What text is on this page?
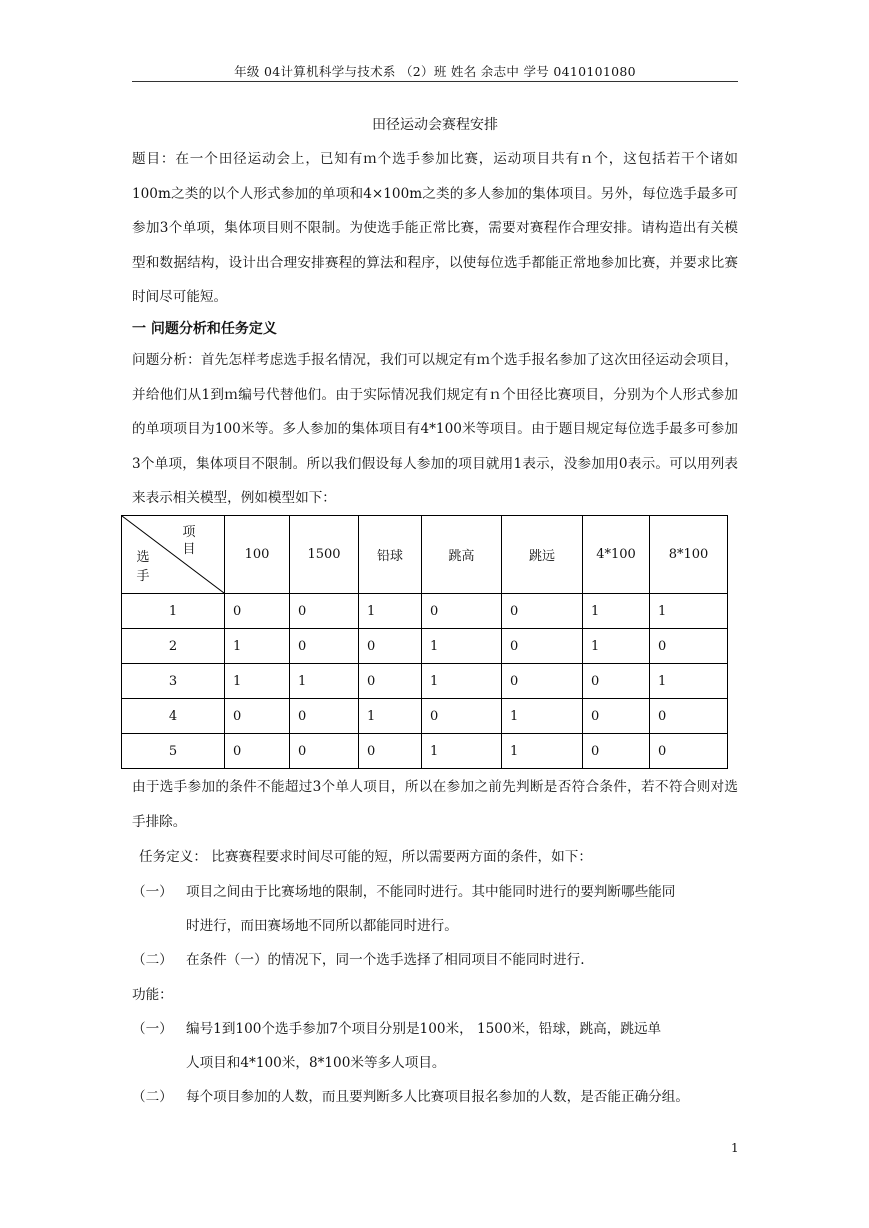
年级 04计算机科学与技术系 （2）班 姓名 余志中 学号 0410101080
田径运动会赛程安排

题目：在一个田径运动会上，已知有ｍ个选手参加比赛，运动项目共有ｎ个，这包括若干个诸如100m之类的以个人形式参加的单项和4×100m之类的多人参加的集体项目。另外，每位选手最多可参加3个单项，集体项目则不限制。为使选手能正常比赛，需要对赛程作合理安排。请构造出有关模型和数据结构，设计出合理安排赛程的算法和程序，以使每位选手都能正常地参加比赛，并要求比赛时间尽可能短。

一 问题分析和任务定义

问题分析：首先怎样考虑选手报名情况，我们可以规定有ｍ个选手报名参加了这次田径运动会项目，并给他们从1到ｍ编号代替他们。由于实际情况我们规定有ｎ个田径比赛项目，分别为个人形式参加的单项项目为100米等。多人参加的集体项目有4*100米等项目。由于题目规定每位选手最多可参加3个单项，集体项目不限制。所以我们假设每人参加的项目就用1表示，没参加用0表示。可以用列表来表示相关模型，例如模型如下：

项目
选手	100	1500	铅球	跳高	跳远	4*100	8*100
1	0	0	1	0	0	1	1
2	1	0	0	1	0	1	0
3	1	1	0	1	0	0	1
4	0	0	1	0	1	0	0
5	0	0	0	1	1	0	0

由于选手参加的条件不能超过3个单人项目，所以在参加之前先判断是否符合条件，若不符合则对选手排除。

任务定义： 比赛赛程要求时间尽可能的短，所以需要两方面的条件，如下：
（一） 项目之间由于比赛场地的限制，不能同时进行。其中能同时进行的要判断哪些能同
时进行，而田赛场地不同所以都能同时进行。
（二） 在条件（一）的情况下，同一个选手选择了相同项目不能同时进行.
功能：
（一） 编号1到100个选手参加7个项目分别是100米， 1500米，铅球，跳高，跳远单
人项目和4*100米，8*100米等多人项目。
（二） 每个项目参加的人数，而且要判断多人比赛项目报名参加的人数，是否能正确分组。
1
